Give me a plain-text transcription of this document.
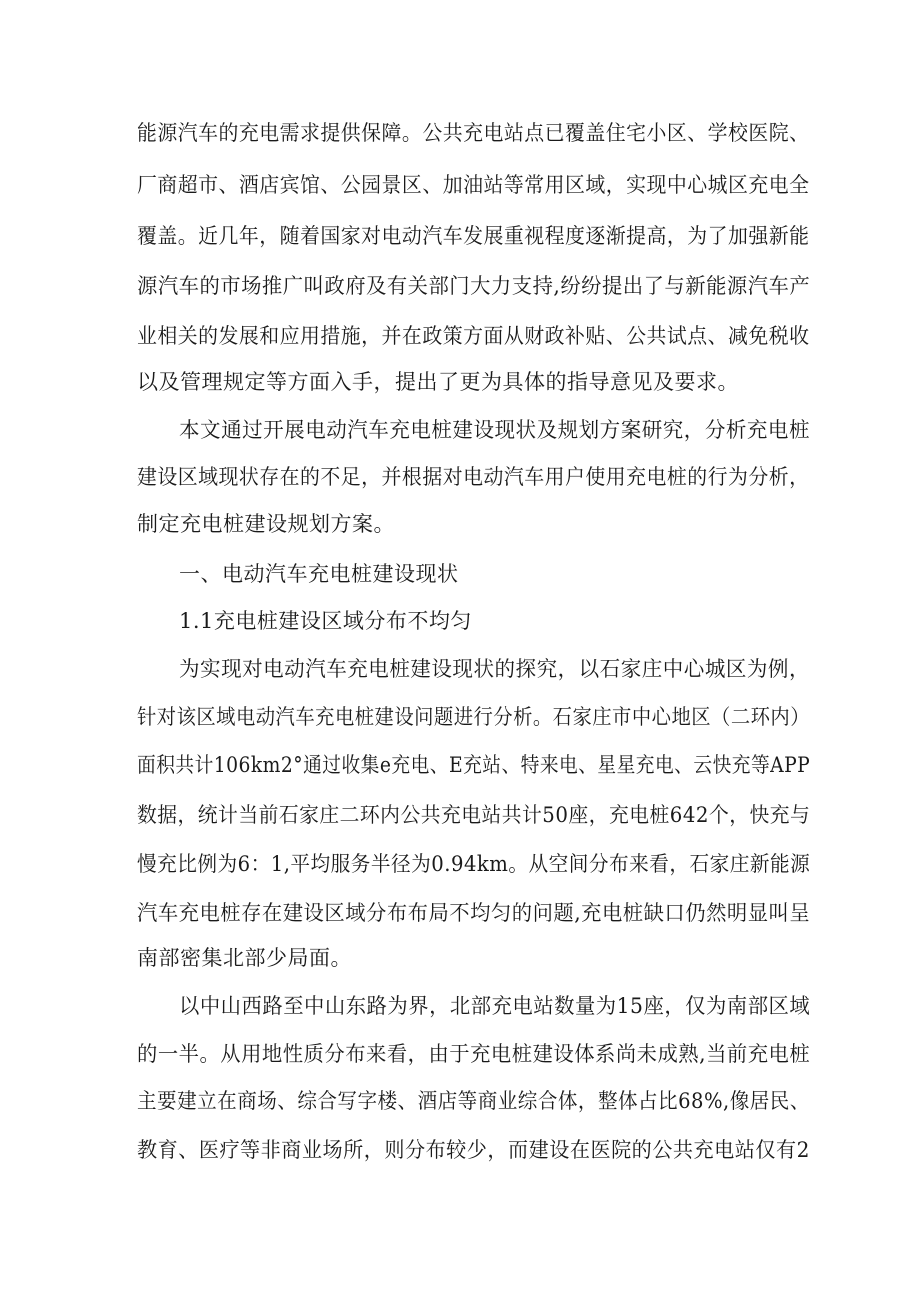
能源汽车的充电需求提供保障。公共充电站点已覆盖住宅小区、学校医院、

厂商超市、酒店宾馆、公园景区、加油站等常用区域，实现中心城区充电全

覆盖。近几年，随着国家对电动汽车发展重视程度逐渐提高，为了加强新能

源汽车的市场推广叫政府及有关部门大力支持,纷纷提出了与新能源汽车产

业相关的发展和应用措施，并在政策方面从财政补贴、公共试点、减免税收

以及管理规定等方面入手，提出了更为具体的指导意见及要求。

本文通过开展电动汽车充电桩建设现状及规划方案研究，分析充电桩

建设区域现状存在的不足，并根据对电动汽车用户使用充电桩的行为分析，

制定充电桩建设规划方案。

一、电动汽车充电桩建设现状

1.1充电桩建设区域分布不均匀

为实现对电动汽车充电桩建设现状的探究，以石家庄中心城区为例，

针对该区域电动汽车充电桩建设问题进行分析。石家庄市中心地区（二环内）

面积共计106km2°通过收集e充电、E充站、特来电、星星充电、云快充等APP

数据，统计当前石家庄二环内公共充电站共计50座，充电桩642个，快充与

慢充比例为6：1,平均服务半径为0.94km。从空间分布来看，石家庄新能源

汽车充电桩存在建设区域分布布局不均匀的问题,充电桩缺口仍然明显叫呈

南部密集北部少局面。

以中山西路至中山东路为界，北部充电站数量为15座，仅为南部区域

的一半。从用地性质分布来看，由于充电桩建设体系尚未成熟,当前充电桩

主要建立在商场、综合写字楼、酒店等商业综合体，整体占比68%,像居民、

教育、医疗等非商业场所，则分布较少，而建设在医院的公共充电站仅有2
